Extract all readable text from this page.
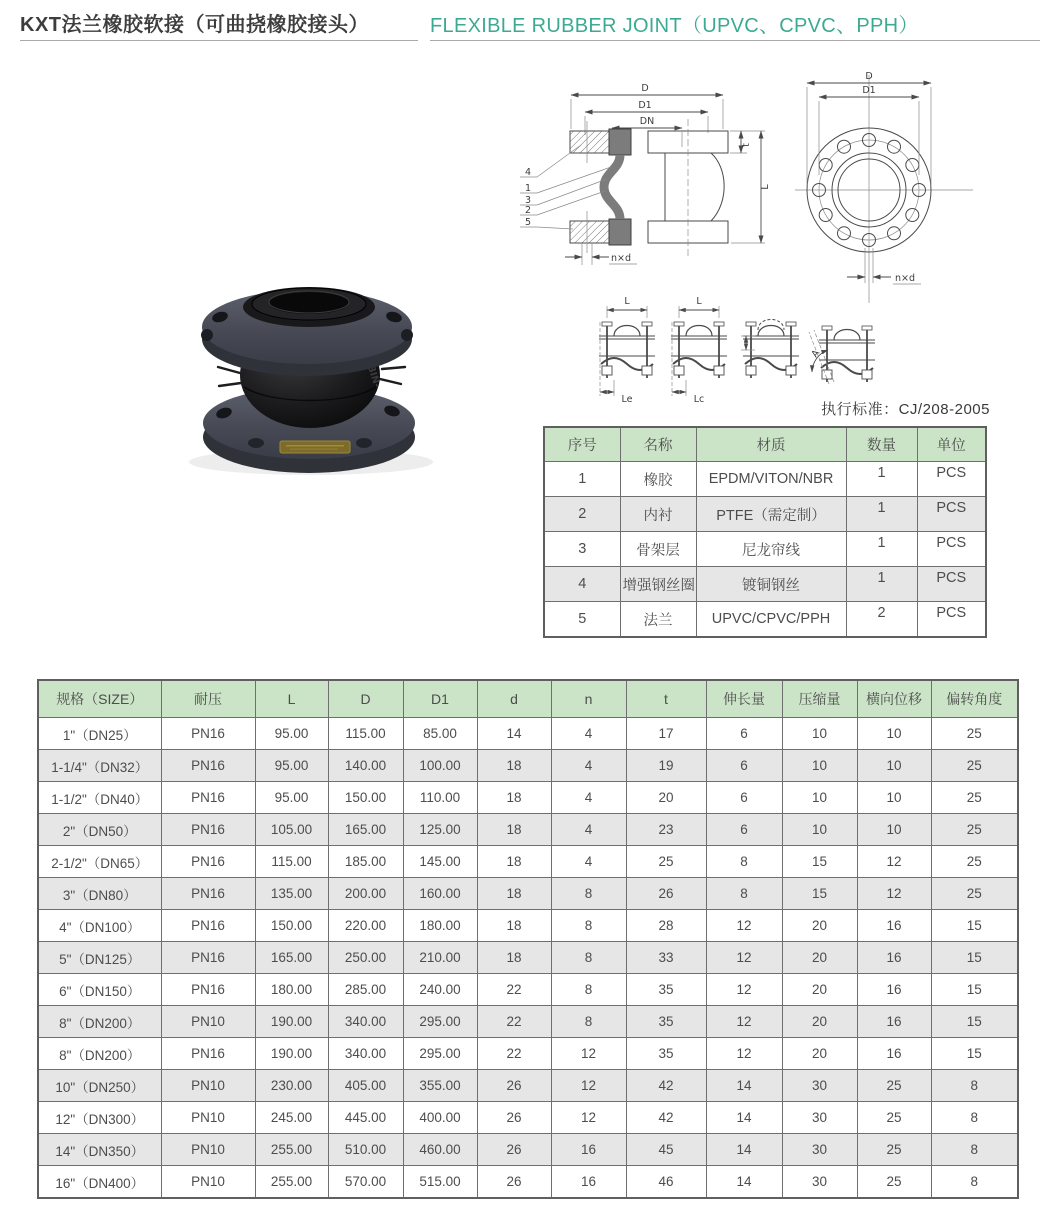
KXT法兰橡胶软接（可曲挠橡胶接头）	FLEXIBLE RUBBER JOINT（UPVC、CPVC、PPH）
3IN-
D
D1
DN
t
L
4
1
3
2
5
n×d
D
D1
n×d
L
Le
L
Lc
A
执行标准：CJ/208-2005
序号	名称	材质	数量	单位
1	橡胶	EPDM/VITON/NBR	1	PCS
2	内衬	PTFE（需定制）	1	PCS
3	骨架层	尼龙帘线	1	PCS
4	增强钢丝圈	镀铜钢丝	1	PCS
5	法兰	UPVC/CPVC/PPH	2	PCS
规格（SIZE）	耐压	L	D	D1	d	n	t	伸长量	压缩量	横向位移	偏转角度
1"（DN25）	PN16	95.00	115.00	85.00	14	4	17	6	10	10	25
1-1/4"（DN32）	PN16	95.00	140.00	100.00	18	4	19	6	10	10	25
1-1/2"（DN40）	PN16	95.00	150.00	110.00	18	4	20	6	10	10	25
2"（DN50）	PN16	105.00	165.00	125.00	18	4	23	6	10	10	25
2-1/2"（DN65）	PN16	115.00	185.00	145.00	18	4	25	8	15	12	25
3"（DN80）	PN16	135.00	200.00	160.00	18	8	26	8	15	12	25
4"（DN100）	PN16	150.00	220.00	180.00	18	8	28	12	20	16	15
5"（DN125）	PN16	165.00	250.00	210.00	18	8	33	12	20	16	15
6"（DN150）	PN16	180.00	285.00	240.00	22	8	35	12	20	16	15
8"（DN200）	PN10	190.00	340.00	295.00	22	8	35	12	20	16	15
8"（DN200）	PN16	190.00	340.00	295.00	22	12	35	12	20	16	15
10"（DN250）	PN10	230.00	405.00	355.00	26	12	42	14	30	25	8
12"（DN300）	PN10	245.00	445.00	400.00	26	12	42	14	30	25	8
14"（DN350）	PN10	255.00	510.00	460.00	26	16	45	14	30	25	8
16"（DN400）	PN10	255.00	570.00	515.00	26	16	46	14	30	25	8
